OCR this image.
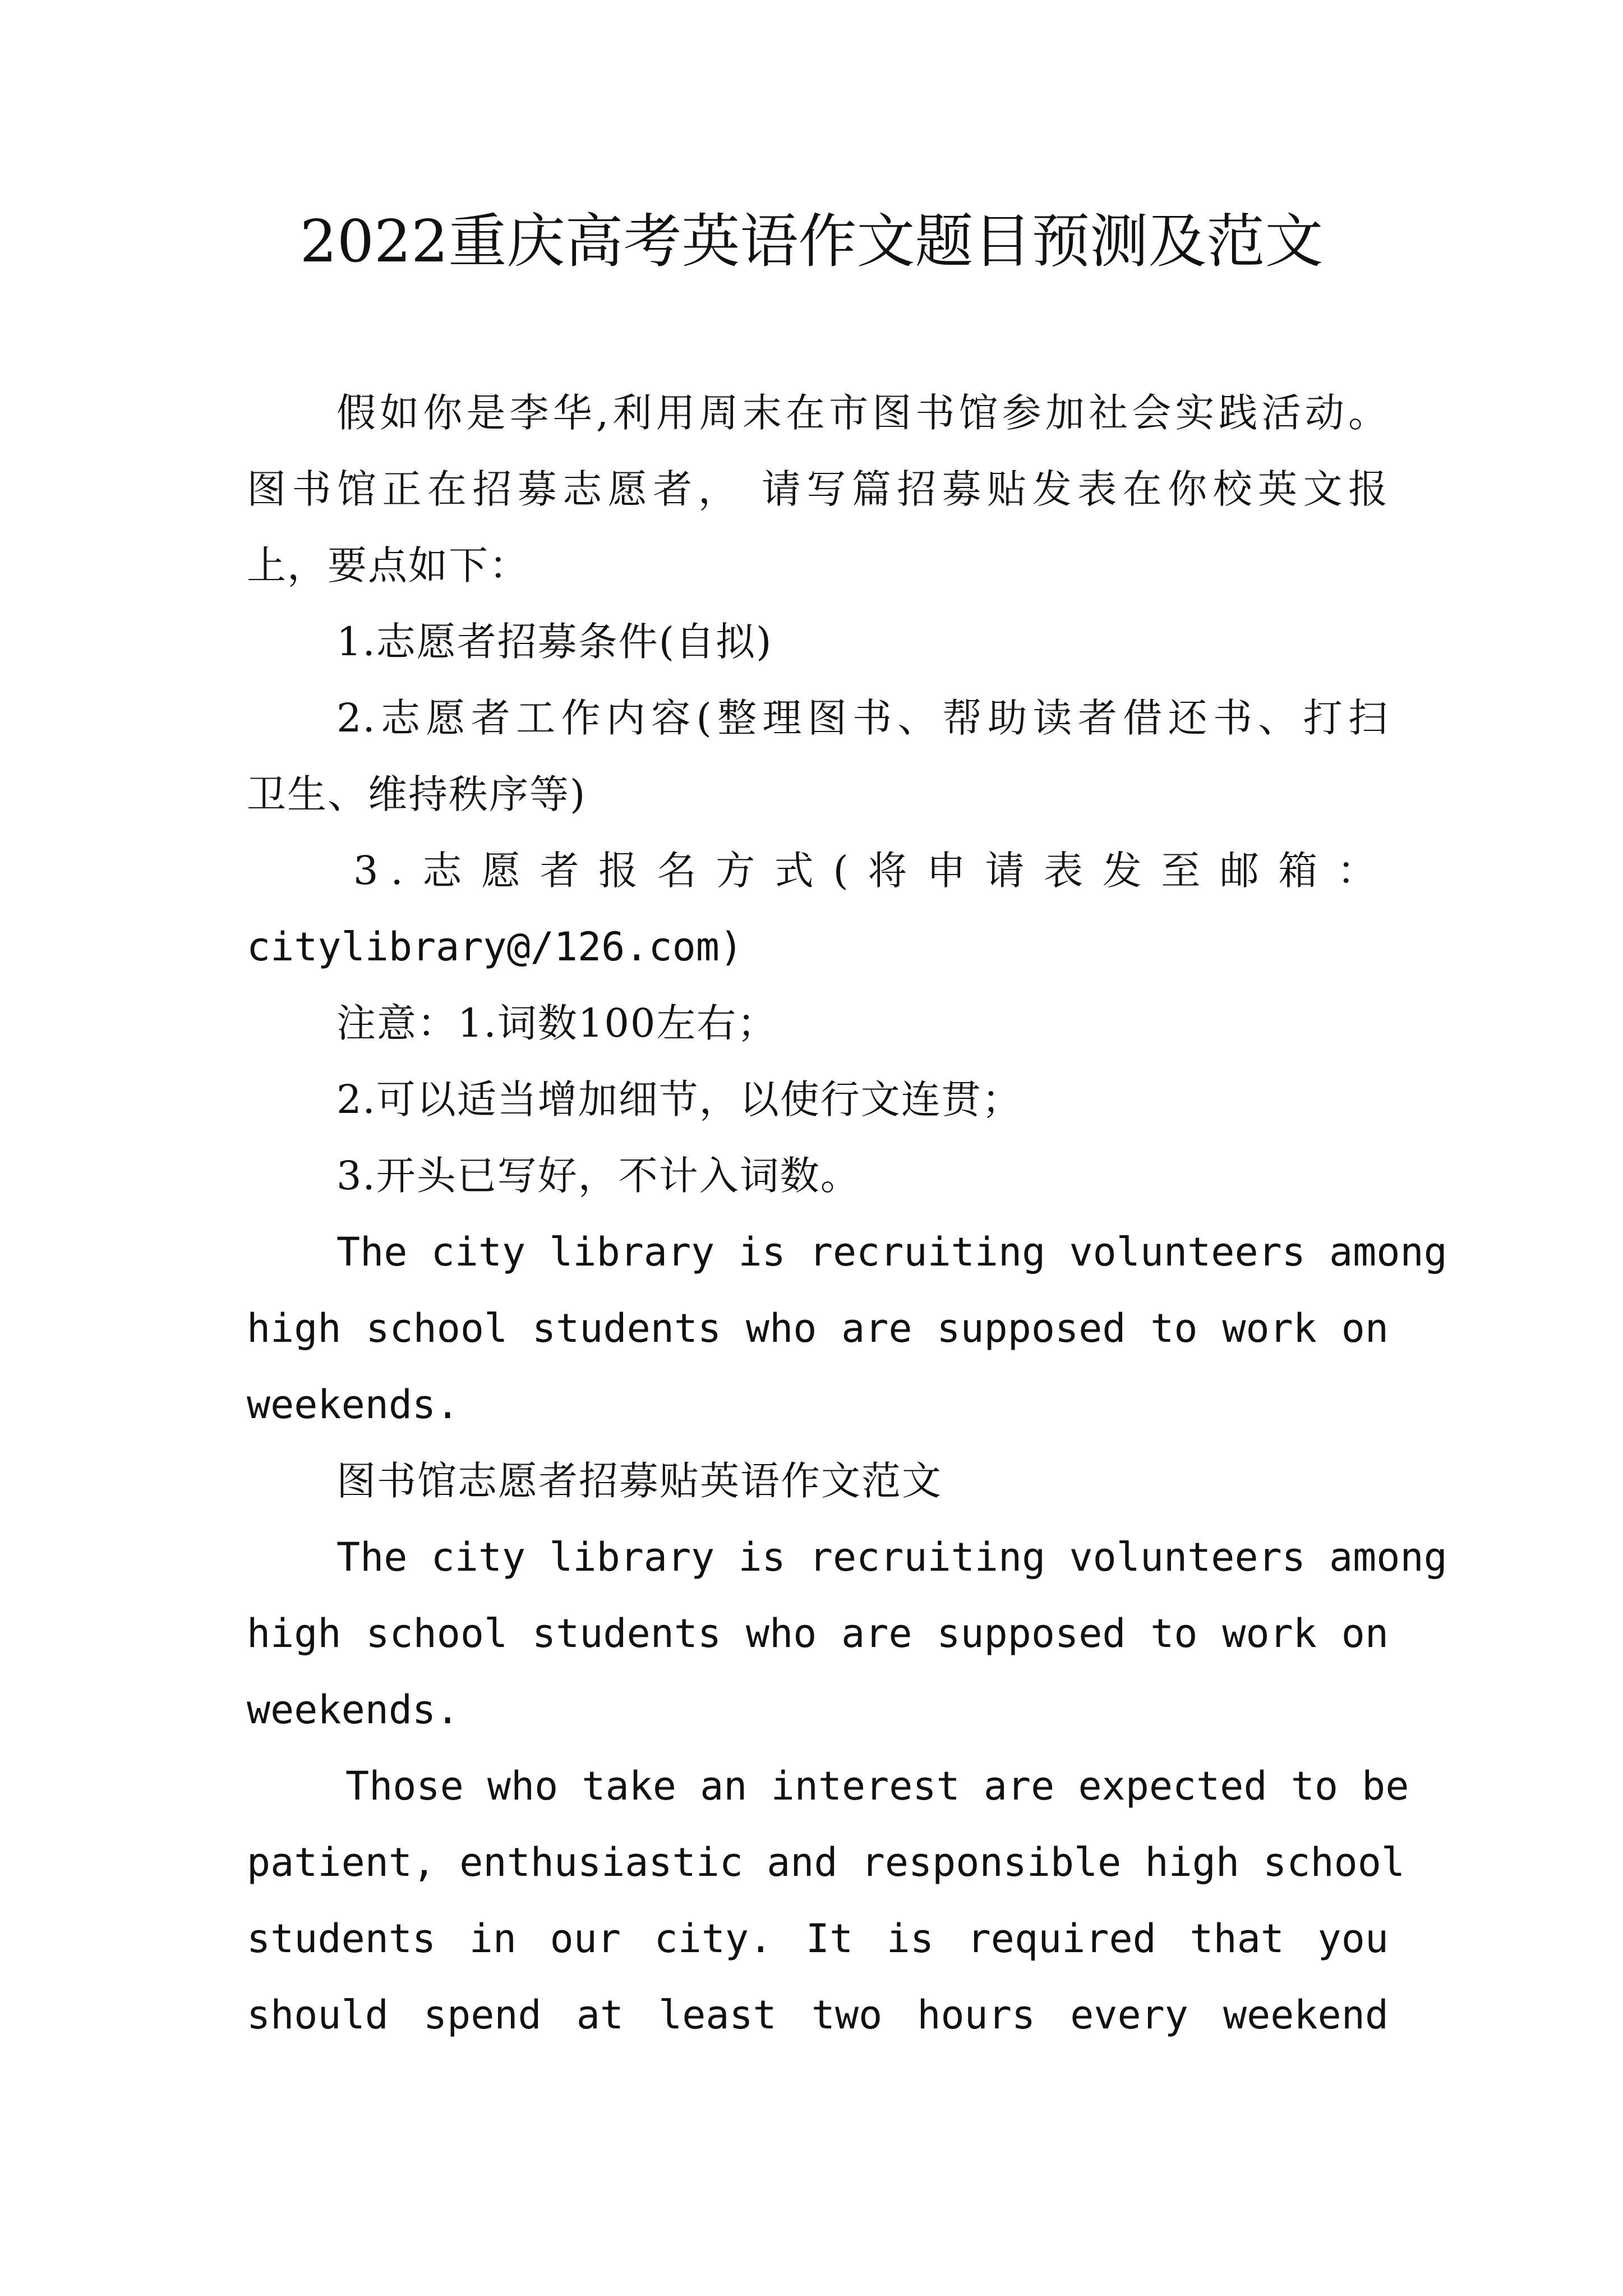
2022重庆高考英语作文题目预测及范文

假如你是李华,利用周末在市图书馆参加社会实践活动。

图书馆正在招募志愿者， 请写篇招募贴发表在你校英文报

上，要点如下：

1.志愿者招募条件(自拟)

2.志愿者工作内容(整理图书、帮助读者借还书、打扫

卫生、维持秩序等)

3.志愿者报名方式(将申请表发至邮箱：

citylibrary@/126.com)

注意：1.词数100左右；

2.可以适当增加细节，以使行文连贯；

3.开头已写好，不计入词数。

The city library is recruiting volunteers among

high school students who are supposed to work on

weekends.

图书馆志愿者招募贴英语作文范文

The city library is recruiting volunteers among

high school students who are supposed to work on

weekends.

Those who take an interest are expected to be

patient, enthusiastic and responsible high school

students in our city. It is required that you

should spend at least two hours every weekend
